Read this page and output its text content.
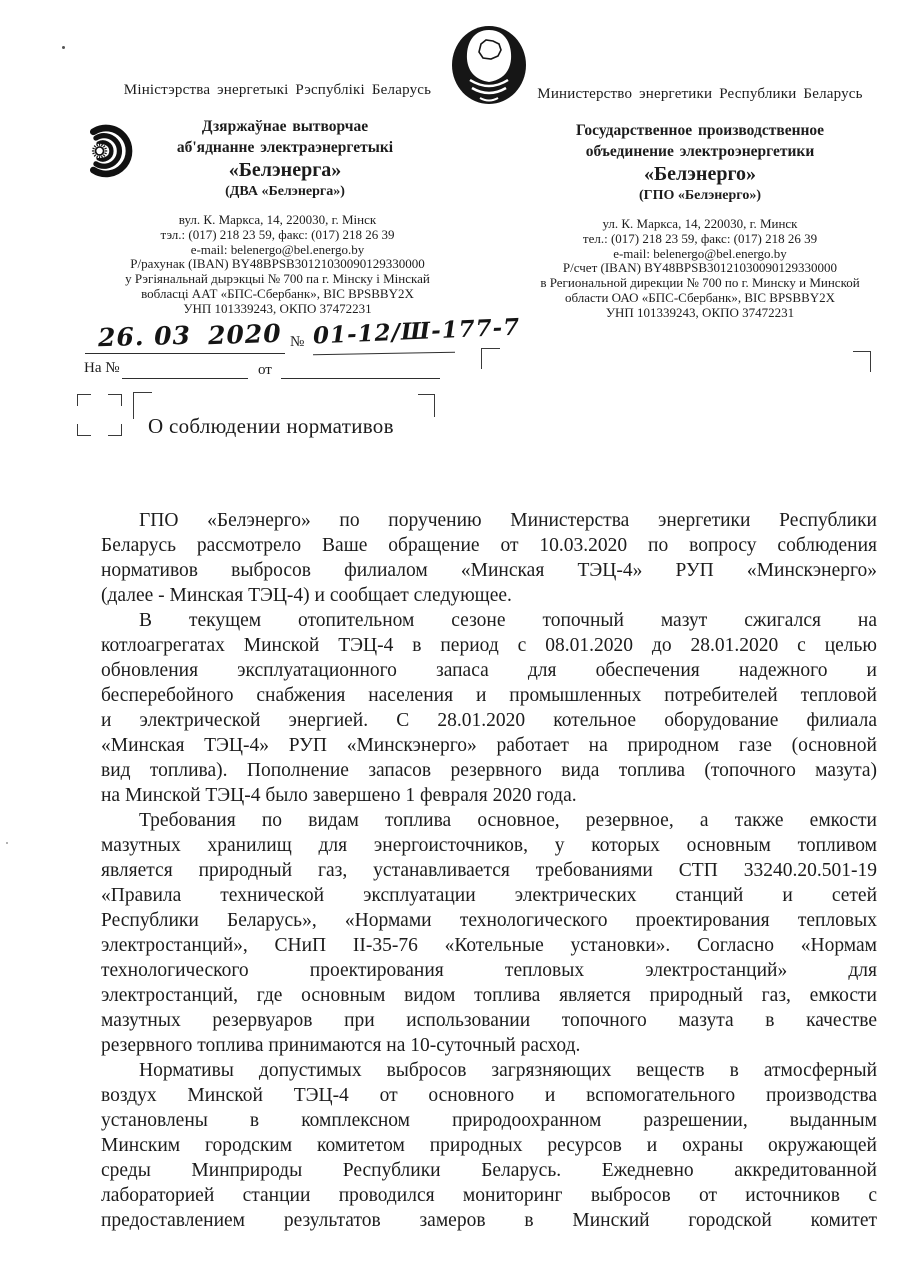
Міністэрства энергетыкі Рэспублікі Беларусь
Дзяржаўнае вытворчае
аб'яднанне электраэнергетыкі
«Белэнерга»
(ДВА «Белэнерга»)
вул. К. Маркса, 14, 220030, г. Мінск
тэл.: (017) 218 23 59, факс: (017) 218 26 39
e-mail: belenergo@bel.energo.by
Р/рахунак (IBAN) BY48BPSB30121030090129330000
у Рэгіянальнай дырэкцыі № 700 па г. Мінску і Мінскай
вобласці ААТ «БПС-Сбербанк», BIC BPSBBY2X
УНП 101339243, ОКПО 37472231
Министерство энергетики Республики Беларусь
Государственное производственное
объединение электроэнергетики
«Белэнерго»
(ГПО «Белэнерго»)
ул. К. Маркса, 14, 220030, г. Минск
тел.: (017) 218 23 59, факс: (017) 218 26 39
e-mail: belenergo@bel.energo.by
Р/счет (IBAN) BY48BPSB30121030090129330000
в Региональной дирекции № 700 по г. Минску и Минской
области ОАО «БПС-Сбербанк», BIC BPSBBY2X
УНП 101339243, ОКПО 37472231
26. 03 2020 № 01-12/Ш-177-7
На №	от
О соблюдении нормативов
ГПО «Белэнерго» по поручению Министерства энергетики Республики
Беларусь рассмотрело Ваше обращение от 10.03.2020 по вопросу соблюдения
нормативов выбросов филиалом «Минская ТЭЦ-4» РУП «Минскэнерго»
(далее - Минская ТЭЦ-4) и сообщает следующее.
В текущем отопительном сезоне топочный мазут сжигался на
котлоагрегатах Минской ТЭЦ-4 в период с 08.01.2020 до 28.01.2020 с целью
обновления эксплуатационного запаса для обеспечения надежного и
бесперебойного снабжения населения и промышленных потребителей тепловой
и электрической энергией. С 28.01.2020 котельное оборудование филиала
«Минская ТЭЦ-4» РУП «Минскэнерго» работает на природном газе (основной
вид топлива). Пополнение запасов резервного вида топлива (топочного мазута)
на Минской ТЭЦ-4 было завершено 1 февраля 2020 года.
Требования по видам топлива основное, резервное, а также емкости
мазутных хранилищ для энергоисточников, у которых основным топливом
является природный газ, устанавливается требованиями СТП 33240.20.501-19
«Правила технической эксплуатации электрических станций и сетей
Республики Беларусь», «Нормами технологического проектирования тепловых
электростанций», СНиП II-35-76 «Котельные установки». Согласно «Нормам
технологического проектирования тепловых электростанций» для
электростанций, где основным видом топлива является природный газ, емкости
мазутных резервуаров при использовании топочного мазута в качестве
резервного топлива принимаются на 10-суточный расход.
Нормативы допустимых выбросов загрязняющих веществ в атмосферный
воздух Минской ТЭЦ-4 от основного и вспомогательного производства
установлены в комплексном природоохранном разрешении, выданным
Минским городским комитетом природных ресурсов и охраны окружающей
среды Минприроды Республики Беларусь. Ежедневно аккредитованной
лабораторией станции проводился мониторинг выбросов от источников с
предоставлением результатов замеров в Минский городской комитет
